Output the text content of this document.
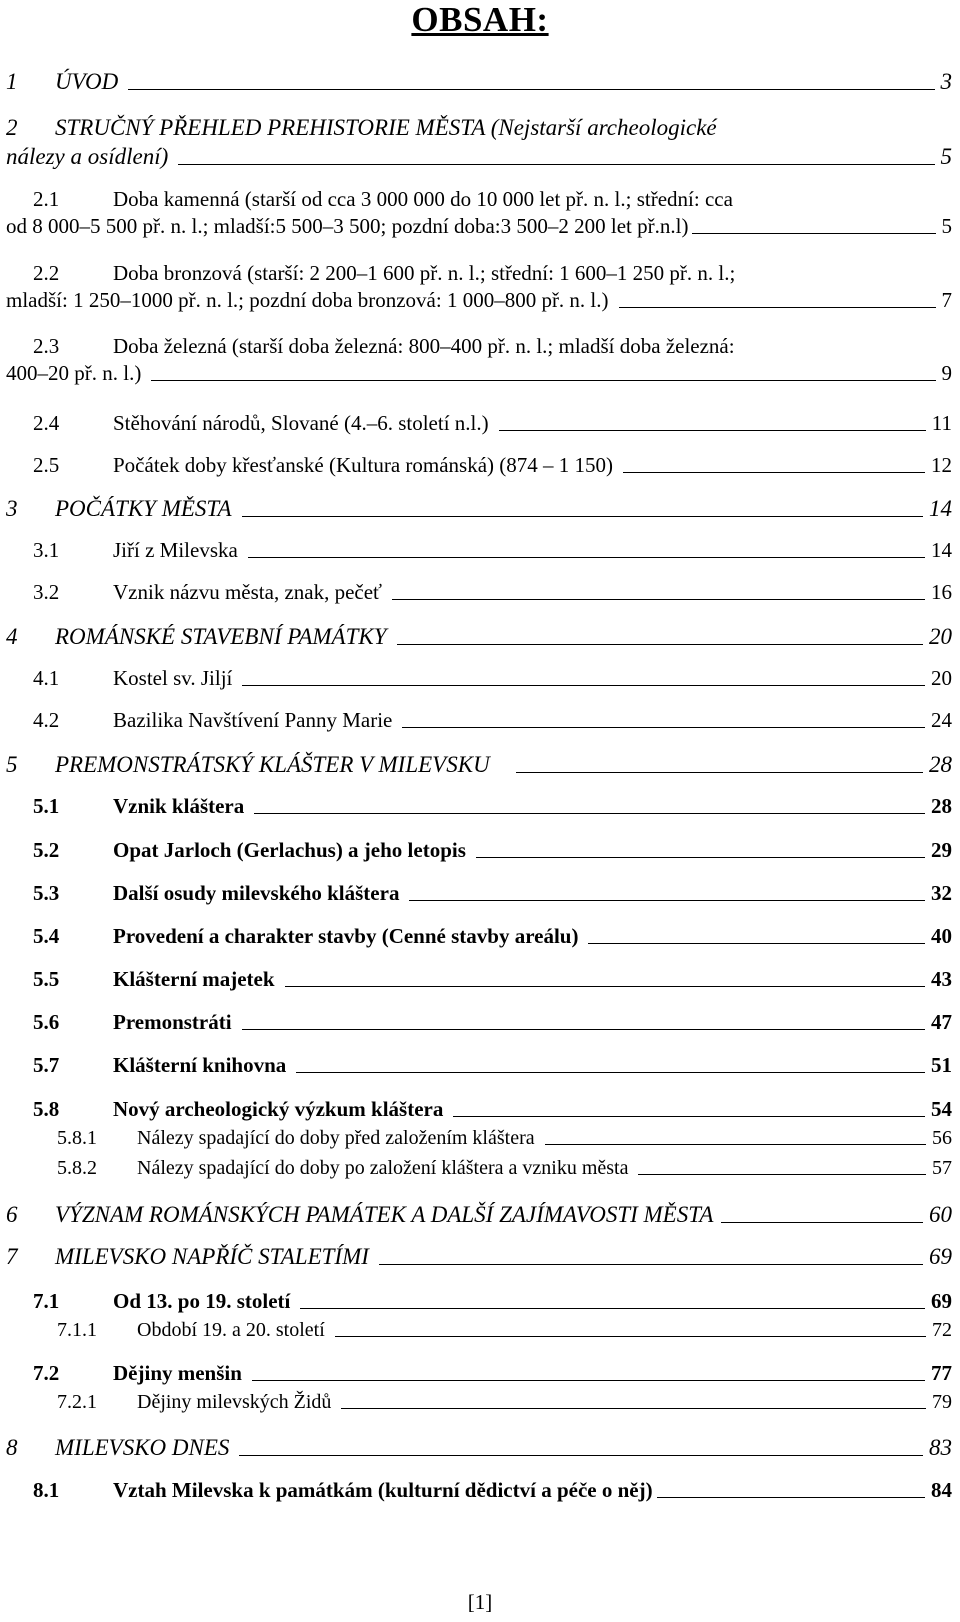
OBSAH:
1	ÚVOD	3
2	STRUČNÝ PŘEHLED PREHISTORIE MĚSTA (Nejstarší archeologické
nálezy a osídlení)	5
2.1	Doba kamenná (starší od cca 3 000 000 do 10 000 let př. n. l.; střední: cca
od 8 000–5 500 př. n. l.; mladší:5 500–3 500; pozdní doba:3 500–2 200 let př.n.l)	5
2.2	Doba bronzová (starší: 2 200–1 600 př. n. l.; střední: 1 600–1 250 př. n. l.;
mladší: 1 250–1000 př. n. l.; pozdní doba bronzová: 1 000–800 př. n. l.)	7
2.3	Doba železná (starší doba železná: 800–400 př. n. l.; mladší doba železná:
400–20 př. n. l.)	9
2.4	Stěhování národů, Slované (4.–6. století n.l.)	11
2.5	Počátek doby křesťanské (Kultura románská) (874 – 1 150)	12
3	POČÁTKY MĚSTA	14
3.1	Jiří z Milevska	14
3.2	Vznik názvu města, znak, pečeť	16
4	ROMÁNSKÉ STAVEBNÍ PAMÁTKY	20
4.1	Kostel sv. Jiljí	20
4.2	Bazilika Navštívení Panny Marie	24
5	PREMONSTRÁTSKÝ KLÁŠTER V MILEVSKU	28
5.1	Vznik kláštera	28
5.2	Opat Jarloch (Gerlachus) a jeho letopis	29
5.3	Další osudy milevského kláštera	32
5.4	Provedení a charakter stavby (Cenné stavby areálu)	40
5.5	Klášterní majetek	43
5.6	Premonstráti	47
5.7	Klášterní knihovna	51
5.8	Nový archeologický výzkum kláštera	54
5.8.1	Nálezy spadající do doby před založením kláštera	56
5.8.2	Nálezy spadající do doby po založení kláštera a vzniku města	57
6	VÝZNAM ROMÁNSKÝCH PAMÁTEK A DALŠÍ ZAJÍMAVOSTI MĚSTA	60
7	MILEVSKO NAPŘÍČ STALETÍMI	69
7.1	Od 13. po 19. století	69
7.1.1	Období 19. a 20. století	72
7.2	Dějiny menšin	77
7.2.1	Dějiny milevských Židů	79
8	MILEVSKO DNES	83
8.1	Vztah Milevska k památkám (kulturní dědictví a péče o něj)	84
[1]
